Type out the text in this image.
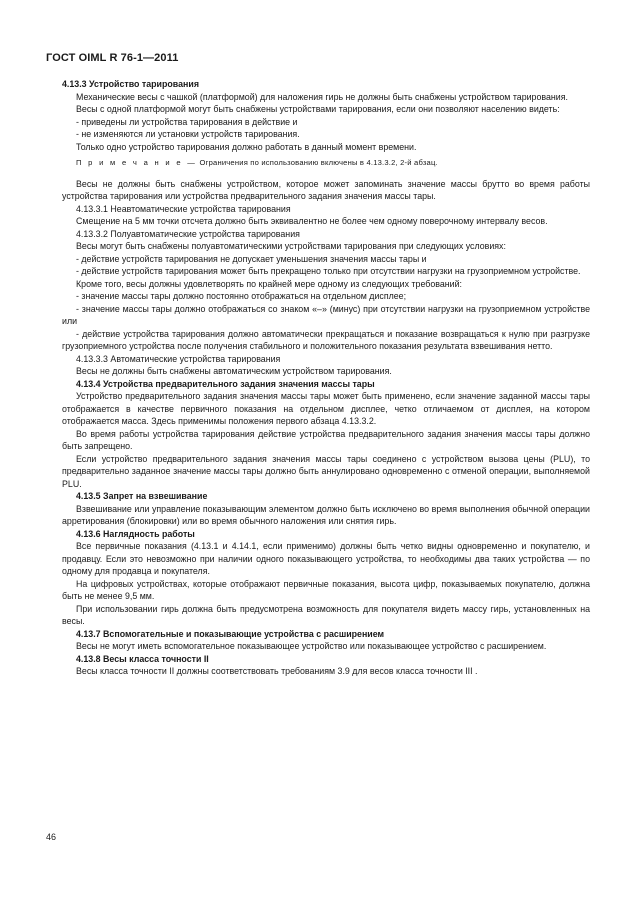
ГОСТ OIML R 76-1—2011

4.13.3 Устройство тарирования

Механические весы с чашкой (платформой) для наложения гирь не должны быть снабжены устройством тарирования.

Весы с одной платформой могут быть снабжены устройствами тарирования, если они позволяют населению видеть:

- приведены ли устройства тарирования в действие и

- не изменяются ли установки устройств тарирования.

Только одно устройство тарирования должно работать в данный момент времени.

П р и м е ч а н и е — Ограничения по использованию включены в 4.13.3.2, 2-й абзац.

Весы не должны быть снабжены устройством, которое может запоминать значение массы брутто во время работы устройства тарирования или устройства предварительного задания значения массы тары.

4.13.3.1 Неавтоматические устройства тарирования

Смещение на 5 мм точки отсчета должно быть эквивалентно не более чем одному поверочному интервалу весов.

4.13.3.2 Полуавтоматические устройства тарирования

Весы могут быть снабжены полуавтоматическими устройствами тарирования при следующих условиях:

- действие устройств тарирования не допускает уменьшения значения массы тары и

- действие устройств тарирования может быть прекращено только при отсутствии нагрузки на грузоприемном устройстве.

Кроме того, весы должны удовлетворять по крайней мере одному из следующих требований:

- значение массы тары должно постоянно отображаться на отдельном дисплее;

- значение массы тары должно отображаться со знаком «–» (минус) при отсутствии нагрузки на грузоприемном устройстве или

- действие устройства тарирования должно автоматически прекращаться и показание возвращаться к нулю при разгрузке грузоприемного устройства после получения стабильного и положительного показания результата взвешивания нетто.

4.13.3.3 Автоматические устройства тарирования

Весы не должны быть снабжены автоматическим устройством тарирования.

4.13.4 Устройства предварительного задания значения массы тары

Устройство предварительного задания значения массы тары может быть применено, если значение заданной массы тары отображается в качестве первичного показания на отдельном дисплее, четко отличаемом от дисплея, на котором отображается масса. Здесь применимы положения первого абзаца 4.13.3.2.

Во время работы устройства тарирования действие устройства предварительного задания значения массы тары должно быть запрещено.

Если устройство предварительного задания значения массы тары соединено с устройством вызова цены (PLU), то предварительно заданное значение массы тары должно быть аннулировано одновременно с отменой операции, выполняемой PLU.

4.13.5 Запрет на взвешивание

Взвешивание или управление показывающим элементом должно быть исключено во время выполнения обычной операции арретирования (блокировки) или во время обычного наложения или снятия гирь.

4.13.6 Наглядность работы

Все первичные показания (4.13.1 и 4.14.1, если применимо) должны быть четко видны одновременно и покупателю, и продавцу. Если это невозможно при наличии одного показывающего устройства, то необходимы два таких устройства — по одному для продавца и покупателя.

На цифровых устройствах, которые отображают первичные показания, высота цифр, показываемых покупателю, должна быть не менее 9,5 мм.

При использовании гирь должна быть предусмотрена возможность для покупателя видеть массу гирь, установленных на весы.

4.13.7 Вспомогательные и показывающие устройства с расширением

Весы не могут иметь вспомогательное показывающее устройство или показывающее устройство с расширением.

4.13.8 Весы класса точности II

Весы класса точности II должны соответствовать требованиям 3.9 для весов класса точности III .

46
